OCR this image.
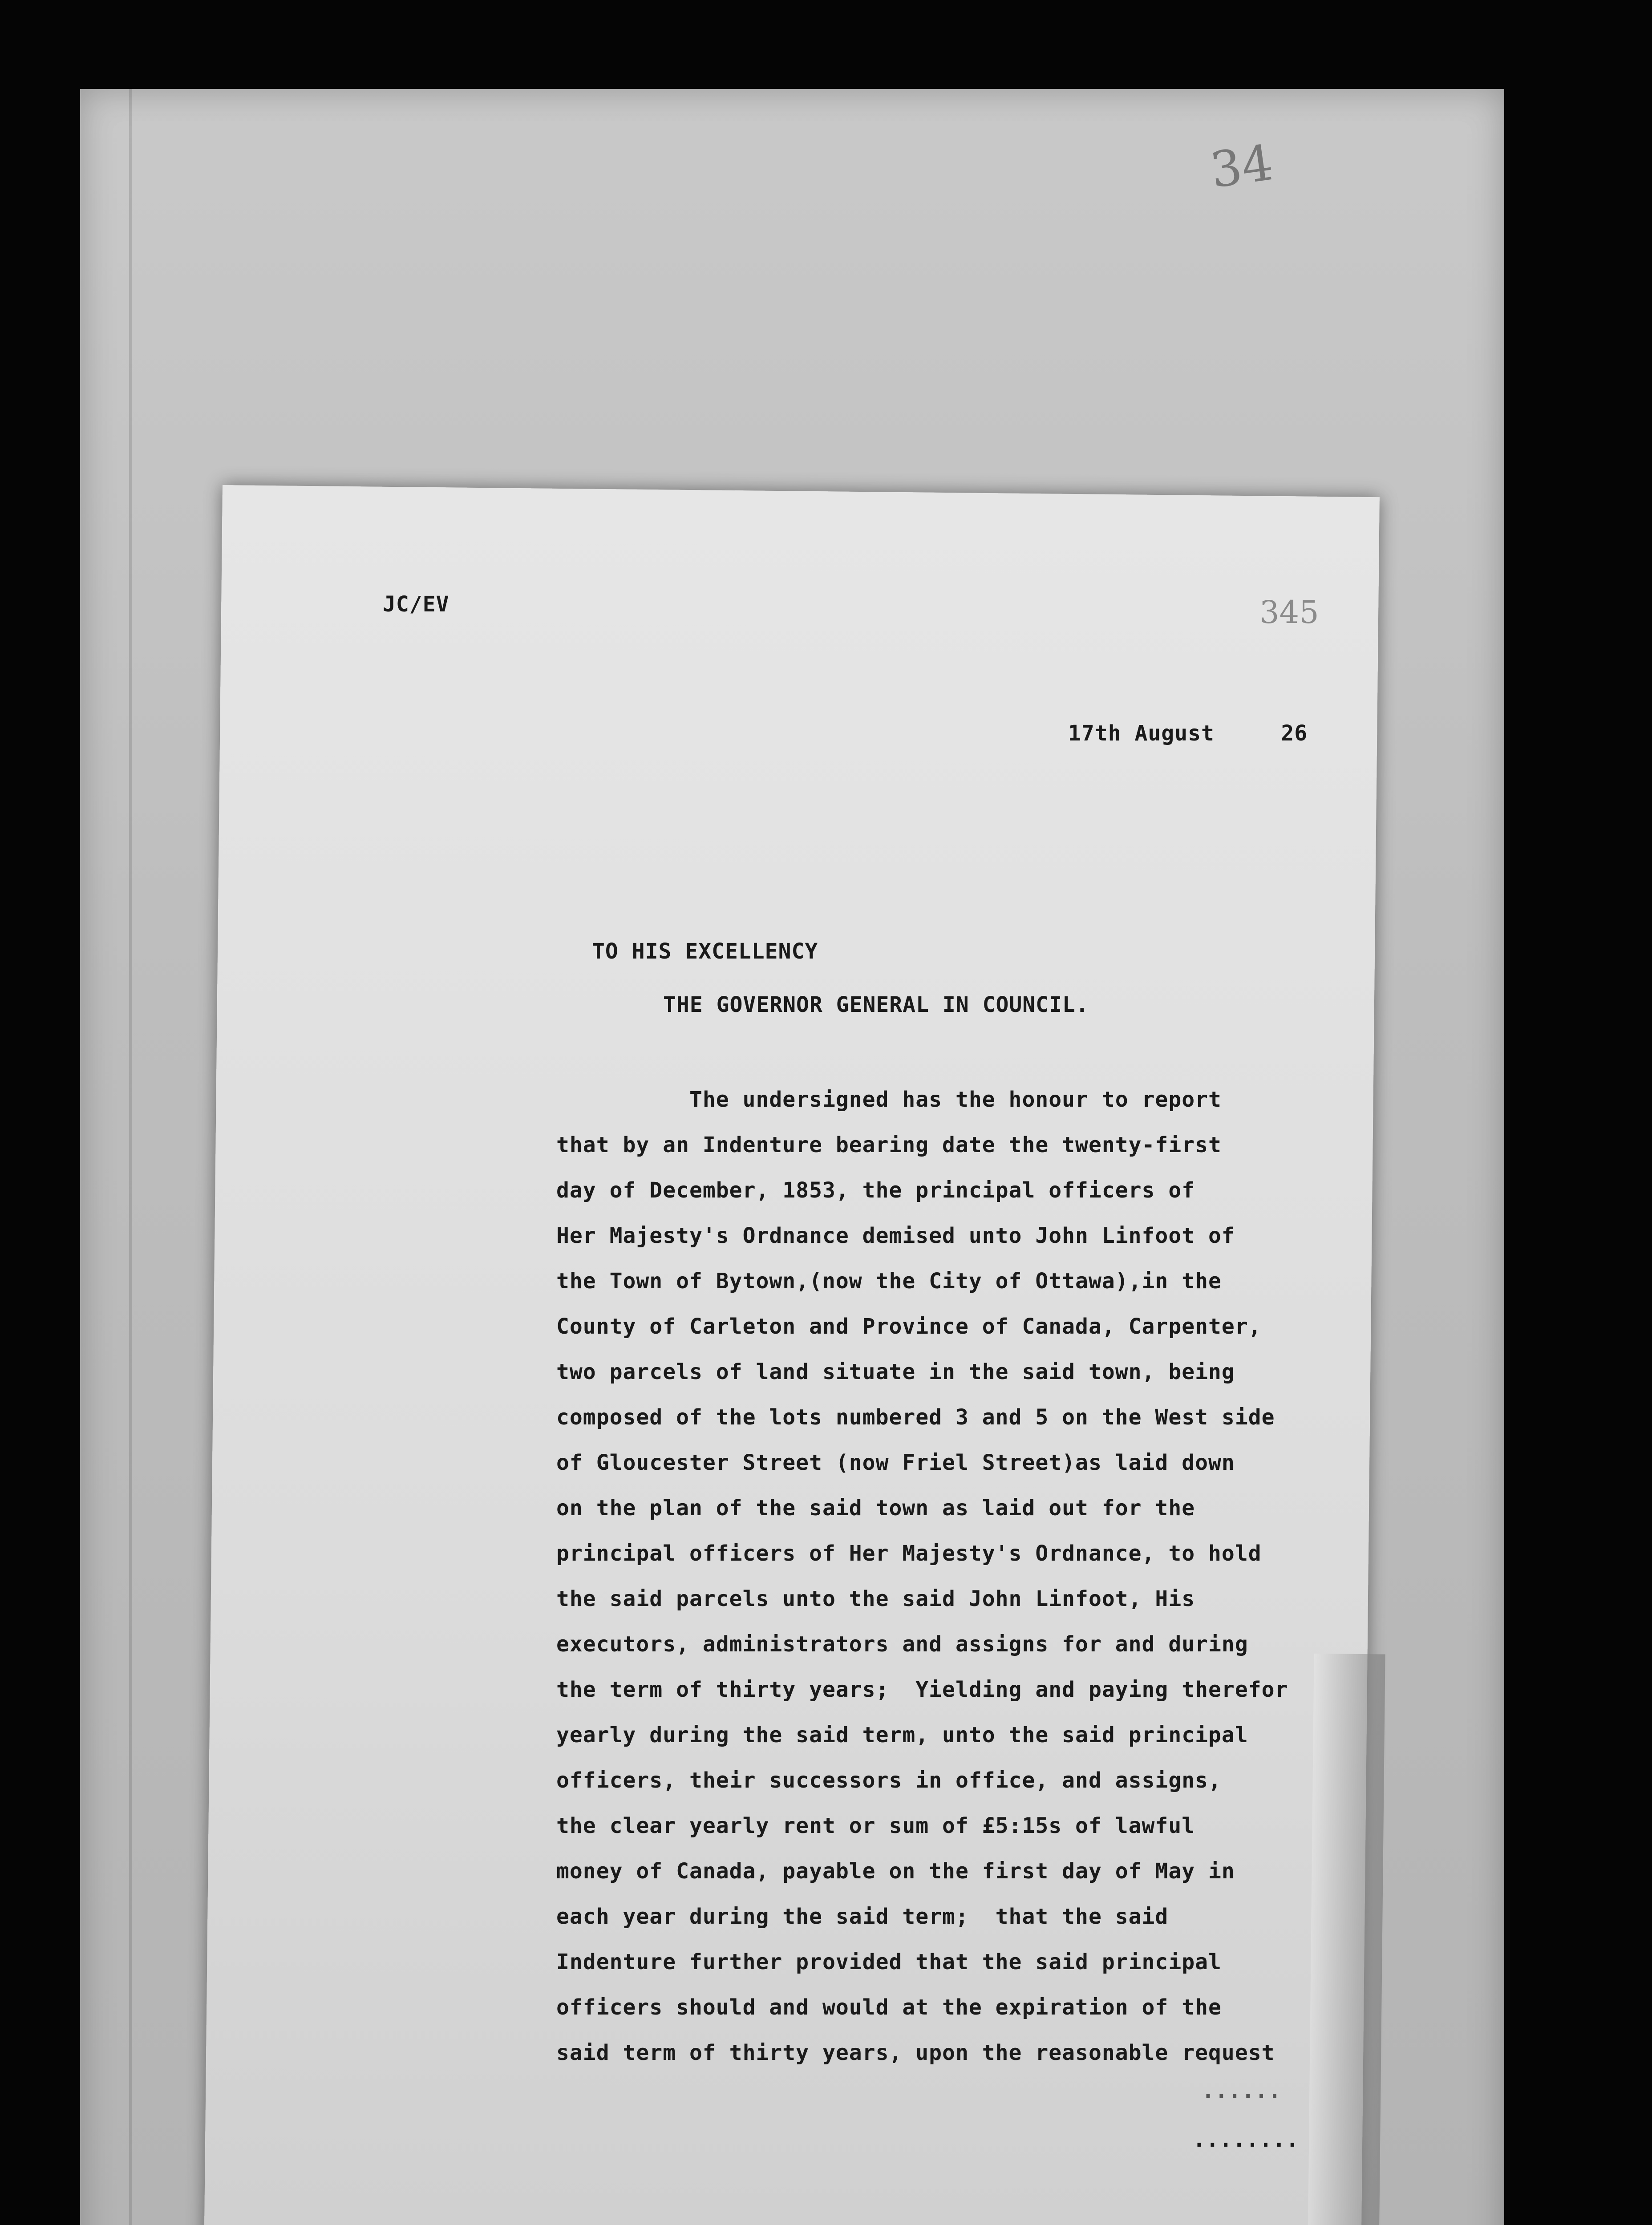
34
JC/EV	345
17th August     26
TO HIS EXCELLENCY
THE GOVERNOR GENERAL IN COUNCIL.
The undersigned has the honour to report
that by an Indenture bearing date the twenty-first
day of December, 1853, the principal officers of
Her Majesty's Ordnance demised unto John Linfoot of
the Town of Bytown,(now the City of Ottawa),in the
County of Carleton and Province of Canada, Carpenter,
two parcels of land situate in the said town, being
composed of the lots numbered 3 and 5 on the West side
of Gloucester Street (now Friel Street)as laid down
on the plan of the said town as laid out for the
principal officers of Her Majesty's Ordnance, to hold
the said parcels unto the said John Linfoot, His
executors, administrators and assigns for and during
the term of thirty years;  Yielding and paying therefor
yearly during the said term, unto the said principal
officers, their successors in office, and assigns,
the clear yearly rent or sum of £5:15s of lawful
money of Canada, payable on the first day of May in
each year during the said term;  that the said
Indenture further provided that the said principal
officers should and would at the expiration of the
said term of thirty years, upon the reasonable request
......
........
